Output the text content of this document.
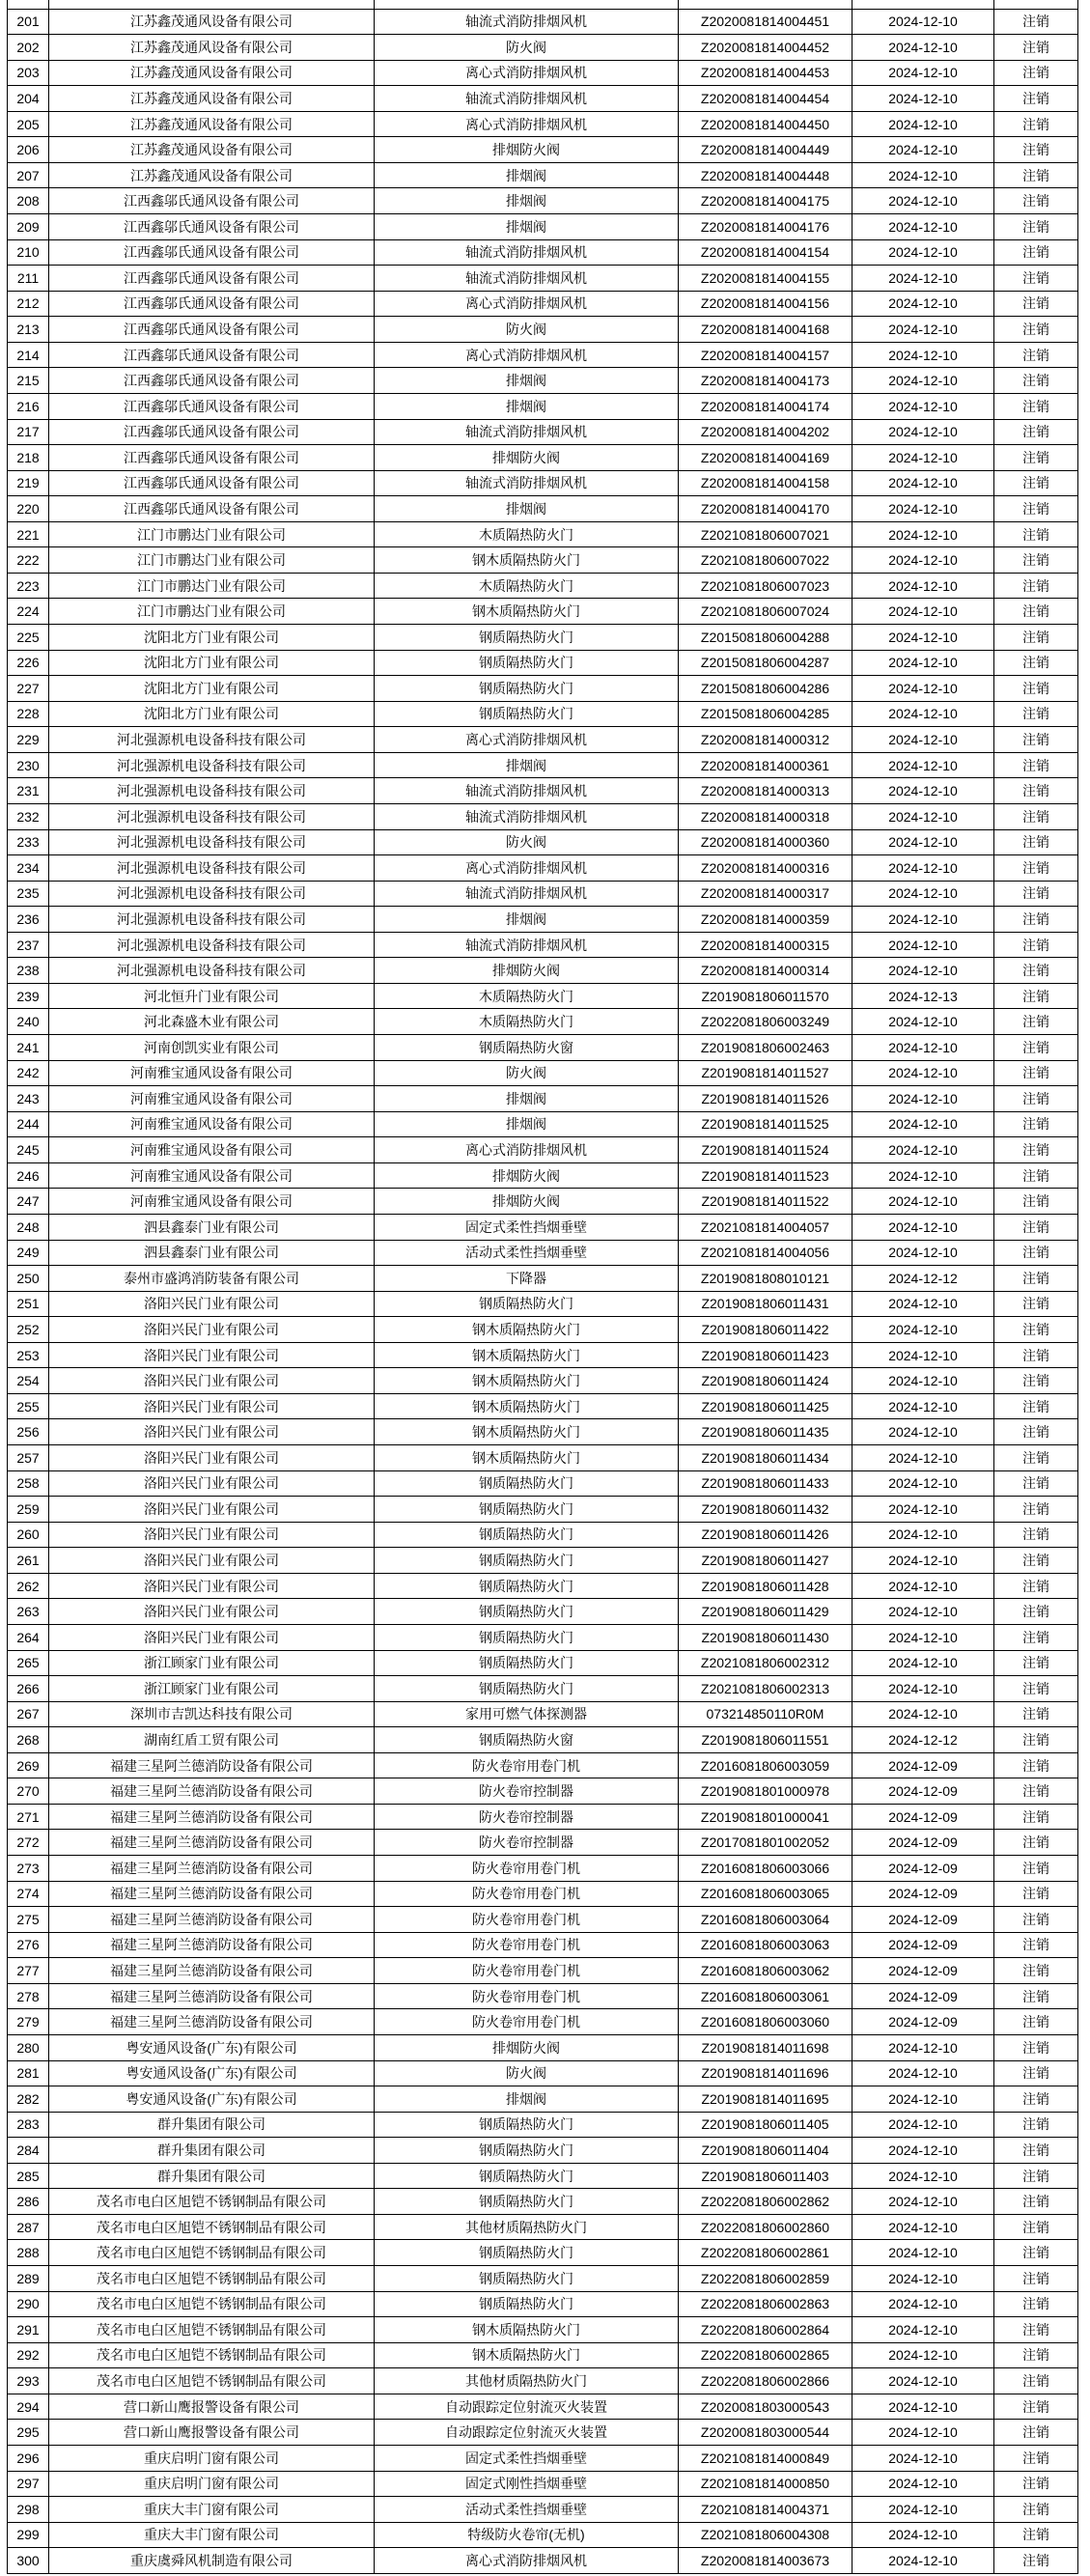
201	江苏鑫茂通风设备有限公司	轴流式消防排烟风机	Z2020081814004451	2024-12-10	注销
202	江苏鑫茂通风设备有限公司	防火阀	Z2020081814004452	2024-12-10	注销
203	江苏鑫茂通风设备有限公司	离心式消防排烟风机	Z2020081814004453	2024-12-10	注销
204	江苏鑫茂通风设备有限公司	轴流式消防排烟风机	Z2020081814004454	2024-12-10	注销
205	江苏鑫茂通风设备有限公司	离心式消防排烟风机	Z2020081814004450	2024-12-10	注销
206	江苏鑫茂通风设备有限公司	排烟防火阀	Z2020081814004449	2024-12-10	注销
207	江苏鑫茂通风设备有限公司	排烟阀	Z2020081814004448	2024-12-10	注销
208	江西鑫邬氏通风设备有限公司	排烟阀	Z2020081814004175	2024-12-10	注销
209	江西鑫邬氏通风设备有限公司	排烟阀	Z2020081814004176	2024-12-10	注销
210	江西鑫邬氏通风设备有限公司	轴流式消防排烟风机	Z2020081814004154	2024-12-10	注销
211	江西鑫邬氏通风设备有限公司	轴流式消防排烟风机	Z2020081814004155	2024-12-10	注销
212	江西鑫邬氏通风设备有限公司	离心式消防排烟风机	Z2020081814004156	2024-12-10	注销
213	江西鑫邬氏通风设备有限公司	防火阀	Z2020081814004168	2024-12-10	注销
214	江西鑫邬氏通风设备有限公司	离心式消防排烟风机	Z2020081814004157	2024-12-10	注销
215	江西鑫邬氏通风设备有限公司	排烟阀	Z2020081814004173	2024-12-10	注销
216	江西鑫邬氏通风设备有限公司	排烟阀	Z2020081814004174	2024-12-10	注销
217	江西鑫邬氏通风设备有限公司	轴流式消防排烟风机	Z2020081814004202	2024-12-10	注销
218	江西鑫邬氏通风设备有限公司	排烟防火阀	Z2020081814004169	2024-12-10	注销
219	江西鑫邬氏通风设备有限公司	轴流式消防排烟风机	Z2020081814004158	2024-12-10	注销
220	江西鑫邬氏通风设备有限公司	排烟阀	Z2020081814004170	2024-12-10	注销
221	江门市鹏达门业有限公司	木质隔热防火门	Z2021081806007021	2024-12-10	注销
222	江门市鹏达门业有限公司	钢木质隔热防火门	Z2021081806007022	2024-12-10	注销
223	江门市鹏达门业有限公司	木质隔热防火门	Z2021081806007023	2024-12-10	注销
224	江门市鹏达门业有限公司	钢木质隔热防火门	Z2021081806007024	2024-12-10	注销
225	沈阳北方门业有限公司	钢质隔热防火门	Z2015081806004288	2024-12-10	注销
226	沈阳北方门业有限公司	钢质隔热防火门	Z2015081806004287	2024-12-10	注销
227	沈阳北方门业有限公司	钢质隔热防火门	Z2015081806004286	2024-12-10	注销
228	沈阳北方门业有限公司	钢质隔热防火门	Z2015081806004285	2024-12-10	注销
229	河北强源机电设备科技有限公司	离心式消防排烟风机	Z2020081814000312	2024-12-10	注销
230	河北强源机电设备科技有限公司	排烟阀	Z2020081814000361	2024-12-10	注销
231	河北强源机电设备科技有限公司	轴流式消防排烟风机	Z2020081814000313	2024-12-10	注销
232	河北强源机电设备科技有限公司	轴流式消防排烟风机	Z2020081814000318	2024-12-10	注销
233	河北强源机电设备科技有限公司	防火阀	Z2020081814000360	2024-12-10	注销
234	河北强源机电设备科技有限公司	离心式消防排烟风机	Z2020081814000316	2024-12-10	注销
235	河北强源机电设备科技有限公司	轴流式消防排烟风机	Z2020081814000317	2024-12-10	注销
236	河北强源机电设备科技有限公司	排烟阀	Z2020081814000359	2024-12-10	注销
237	河北强源机电设备科技有限公司	轴流式消防排烟风机	Z2020081814000315	2024-12-10	注销
238	河北强源机电设备科技有限公司	排烟防火阀	Z2020081814000314	2024-12-10	注销
239	河北恒升门业有限公司	木质隔热防火门	Z2019081806011570	2024-12-13	注销
240	河北森盛木业有限公司	木质隔热防火门	Z2022081806003249	2024-12-10	注销
241	河南创凯实业有限公司	钢质隔热防火窗	Z2019081806002463	2024-12-10	注销
242	河南雅宝通风设备有限公司	防火阀	Z2019081814011527	2024-12-10	注销
243	河南雅宝通风设备有限公司	排烟阀	Z2019081814011526	2024-12-10	注销
244	河南雅宝通风设备有限公司	排烟阀	Z2019081814011525	2024-12-10	注销
245	河南雅宝通风设备有限公司	离心式消防排烟风机	Z2019081814011524	2024-12-10	注销
246	河南雅宝通风设备有限公司	排烟防火阀	Z2019081814011523	2024-12-10	注销
247	河南雅宝通风设备有限公司	排烟防火阀	Z2019081814011522	2024-12-10	注销
248	泗县鑫泰门业有限公司	固定式柔性挡烟垂壁	Z2021081814004057	2024-12-10	注销
249	泗县鑫泰门业有限公司	活动式柔性挡烟垂壁	Z2021081814004056	2024-12-10	注销
250	泰州市盛鸿消防装备有限公司	下降器	Z2019081808010121	2024-12-12	注销
251	洛阳兴民门业有限公司	钢质隔热防火门	Z2019081806011431	2024-12-10	注销
252	洛阳兴民门业有限公司	钢木质隔热防火门	Z2019081806011422	2024-12-10	注销
253	洛阳兴民门业有限公司	钢木质隔热防火门	Z2019081806011423	2024-12-10	注销
254	洛阳兴民门业有限公司	钢木质隔热防火门	Z2019081806011424	2024-12-10	注销
255	洛阳兴民门业有限公司	钢木质隔热防火门	Z2019081806011425	2024-12-10	注销
256	洛阳兴民门业有限公司	钢木质隔热防火门	Z2019081806011435	2024-12-10	注销
257	洛阳兴民门业有限公司	钢木质隔热防火门	Z2019081806011434	2024-12-10	注销
258	洛阳兴民门业有限公司	钢质隔热防火门	Z2019081806011433	2024-12-10	注销
259	洛阳兴民门业有限公司	钢质隔热防火门	Z2019081806011432	2024-12-10	注销
260	洛阳兴民门业有限公司	钢质隔热防火门	Z2019081806011426	2024-12-10	注销
261	洛阳兴民门业有限公司	钢质隔热防火门	Z2019081806011427	2024-12-10	注销
262	洛阳兴民门业有限公司	钢质隔热防火门	Z2019081806011428	2024-12-10	注销
263	洛阳兴民门业有限公司	钢质隔热防火门	Z2019081806011429	2024-12-10	注销
264	洛阳兴民门业有限公司	钢质隔热防火门	Z2019081806011430	2024-12-10	注销
265	浙江顾家门业有限公司	钢质隔热防火门	Z2021081806002312	2024-12-10	注销
266	浙江顾家门业有限公司	钢质隔热防火门	Z2021081806002313	2024-12-10	注销
267	深圳市吉凯达科技有限公司	家用可燃气体探测器	073214850110R0M	2024-12-10	注销
268	湖南红盾工贸有限公司	钢质隔热防火窗	Z2019081806011551	2024-12-12	注销
269	福建三星阿兰德消防设备有限公司	防火卷帘用卷门机	Z2016081806003059	2024-12-09	注销
270	福建三星阿兰德消防设备有限公司	防火卷帘控制器	Z2019081801000978	2024-12-09	注销
271	福建三星阿兰德消防设备有限公司	防火卷帘控制器	Z2019081801000041	2024-12-09	注销
272	福建三星阿兰德消防设备有限公司	防火卷帘控制器	Z2017081801002052	2024-12-09	注销
273	福建三星阿兰德消防设备有限公司	防火卷帘用卷门机	Z2016081806003066	2024-12-09	注销
274	福建三星阿兰德消防设备有限公司	防火卷帘用卷门机	Z2016081806003065	2024-12-09	注销
275	福建三星阿兰德消防设备有限公司	防火卷帘用卷门机	Z2016081806003064	2024-12-09	注销
276	福建三星阿兰德消防设备有限公司	防火卷帘用卷门机	Z2016081806003063	2024-12-09	注销
277	福建三星阿兰德消防设备有限公司	防火卷帘用卷门机	Z2016081806003062	2024-12-09	注销
278	福建三星阿兰德消防设备有限公司	防火卷帘用卷门机	Z2016081806003061	2024-12-09	注销
279	福建三星阿兰德消防设备有限公司	防火卷帘用卷门机	Z2016081806003060	2024-12-09	注销
280	粤安通风设备(广东)有限公司	排烟防火阀	Z2019081814011698	2024-12-10	注销
281	粤安通风设备(广东)有限公司	防火阀	Z2019081814011696	2024-12-10	注销
282	粤安通风设备(广东)有限公司	排烟阀	Z2019081814011695	2024-12-10	注销
283	群升集团有限公司	钢质隔热防火门	Z2019081806011405	2024-12-10	注销
284	群升集团有限公司	钢质隔热防火门	Z2019081806011404	2024-12-10	注销
285	群升集团有限公司	钢质隔热防火门	Z2019081806011403	2024-12-10	注销
286	茂名市电白区旭铠不锈钢制品有限公司	钢质隔热防火门	Z2022081806002862	2024-12-10	注销
287	茂名市电白区旭铠不锈钢制品有限公司	其他材质隔热防火门	Z2022081806002860	2024-12-10	注销
288	茂名市电白区旭铠不锈钢制品有限公司	钢质隔热防火门	Z2022081806002861	2024-12-10	注销
289	茂名市电白区旭铠不锈钢制品有限公司	钢质隔热防火门	Z2022081806002859	2024-12-10	注销
290	茂名市电白区旭铠不锈钢制品有限公司	钢质隔热防火门	Z2022081806002863	2024-12-10	注销
291	茂名市电白区旭铠不锈钢制品有限公司	钢木质隔热防火门	Z2022081806002864	2024-12-10	注销
292	茂名市电白区旭铠不锈钢制品有限公司	钢木质隔热防火门	Z2022081806002865	2024-12-10	注销
293	茂名市电白区旭铠不锈钢制品有限公司	其他材质隔热防火门	Z2022081806002866	2024-12-10	注销
294	营口新山鹰报警设备有限公司	自动跟踪定位射流灭火装置	Z2020081803000543	2024-12-10	注销
295	营口新山鹰报警设备有限公司	自动跟踪定位射流灭火装置	Z2020081803000544	2024-12-10	注销
296	重庆启明门窗有限公司	固定式柔性挡烟垂壁	Z2021081814000849	2024-12-10	注销
297	重庆启明门窗有限公司	固定式刚性挡烟垂壁	Z2021081814000850	2024-12-10	注销
298	重庆大丰门窗有限公司	活动式柔性挡烟垂壁	Z2021081814004371	2024-12-10	注销
299	重庆大丰门窗有限公司	特级防火卷帘(无机)	Z2021081806004308	2024-12-10	注销
300	重庆虞舜风机制造有限公司	离心式消防排烟风机	Z2020081814003673	2024-12-10	注销
